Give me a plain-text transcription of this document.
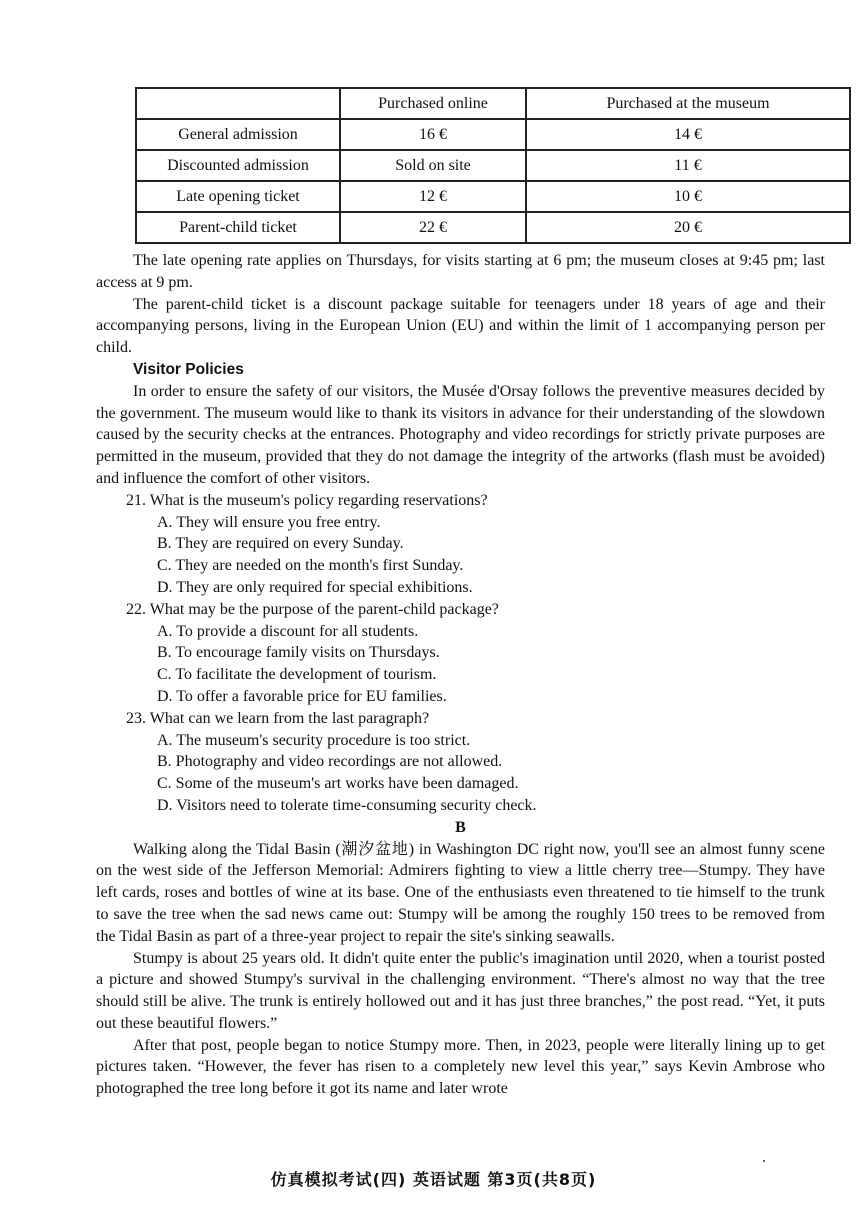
	Purchased online	Purchased at the museum
General admission	16 €	14 €
Discounted admission	Sold on site	11 €
Late opening ticket	12 €	10 €
Parent-child ticket	22 €	20 €

The late opening rate applies on Thursdays, for visits starting at 6 pm; the museum closes at 9:45 pm; last access at 9 pm.

The parent-child ticket is a discount package suitable for teenagers under 18 years of age and their accompanying persons, living in the European Union (EU) and within the limit of 1 accompanying person per child.

Visitor Policies

In order to ensure the safety of our visitors, the Musée d'Orsay follows the preventive measures decided by the government. The museum would like to thank its visitors in advance for their understanding of the slowdown caused by the security checks at the entrances. Photography and video recordings for strictly private purposes are permitted in the museum, provided that they do not damage the integrity of the artworks (flash must be avoided) and influence the comfort of other visitors.

21. What is the museum's policy regarding reservations?

A. They will ensure you free entry.

B. They are required on every Sunday.

C. They are needed on the month's first Sunday.

D. They are only required for special exhibitions.

22. What may be the purpose of the parent-child package?

A. To provide a discount for all students.

B. To encourage family visits on Thursdays.

C. To facilitate the development of tourism.

D. To offer a favorable price for EU families.

23. What can we learn from the last paragraph?

A. The museum's security procedure is too strict.

B. Photography and video recordings are not allowed.

C. Some of the museum's art works have been damaged.

D. Visitors need to tolerate time-consuming security check.

B

Walking along the Tidal Basin (潮汐盆地) in Washington DC right now, you'll see an almost funny scene on the west side of the Jefferson Memorial: Admirers fighting to view a little cherry tree—Stumpy. They have left cards, roses and bottles of wine at its base. One of the enthusiasts even threatened to tie himself to the trunk to save the tree when the sad news came out: Stumpy will be among the roughly 150 trees to be removed from the Tidal Basin as part of a three-year project to repair the site's sinking seawalls.

Stumpy is about 25 years old. It didn't quite enter the public's imagination until 2020, when a tourist posted a picture and showed Stumpy's survival in the challenging environment. “There's almost no way that the tree should still be alive. The trunk is entirely hollowed out and it has just three branches,” the post read. “Yet, it puts out these beautiful flowers.”

After that post, people began to notice Stumpy more. Then, in 2023, people were literally lining up to get pictures taken. “However, the fever has risen to a completely new level this year,” says Kevin Ambrose who photographed the tree long before it got its name and later wrote

仿真模拟考试(四) 英语试题 第3页(共8页)
